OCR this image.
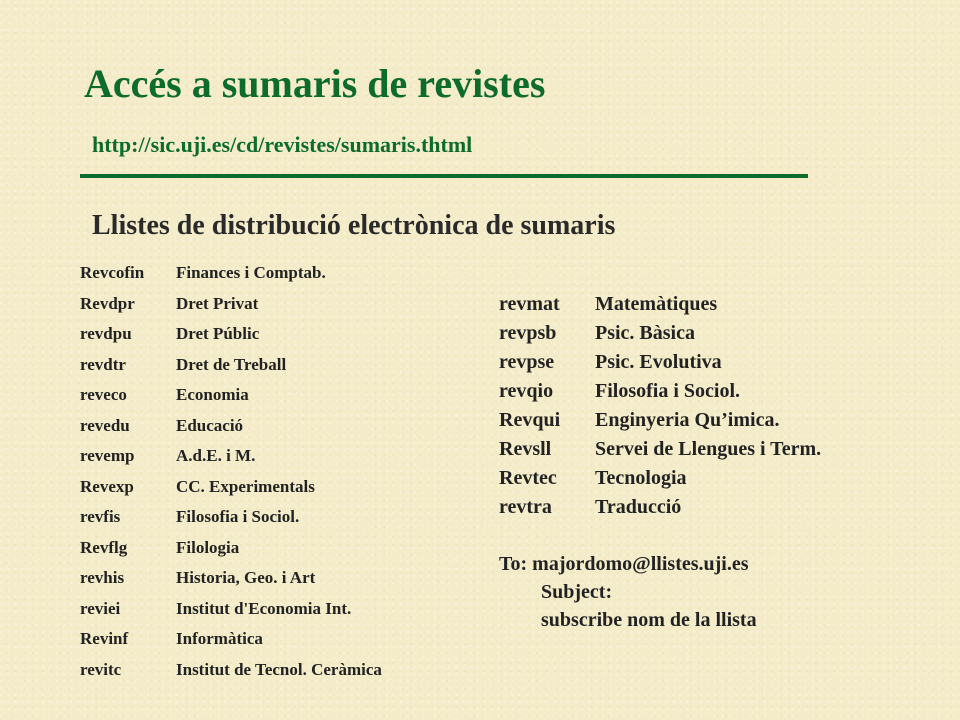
Accés a sumaris de revistes
http://sic.uji.es/cd/revistes/sumaris.thtml
Llistes de distribució electrònica de sumaris
Revcofin	Finances i Comptab.
Revdpr	Dret Privat
revdpu	Dret Públic
revdtr	Dret de Treball
reveco	Economia
revedu	Educació
revemp	A.d.E. i M.
Revexp	CC. Experimentals
revfis	Filosofia i Sociol.
Revflg	Filologia
revhis	Historia, Geo. i Art
reviei	Institut d'Economia Int.
Revinf	Informàtica
revitc	Institut de Tecnol. Ceràmica
revmat	Matemàtiques
revpsb	Psic. Bàsica
revpse	Psic. Evolutiva
revqio	Filosofia i Sociol.
Revqui	Enginyeria Qu’imica.
Revsll	Servei de Llengues i Term.
Revtec	Tecnologia
revtra	Traducció
To: majordomo@llistes.uji.es
Subject:
subscribe nom de la llista
